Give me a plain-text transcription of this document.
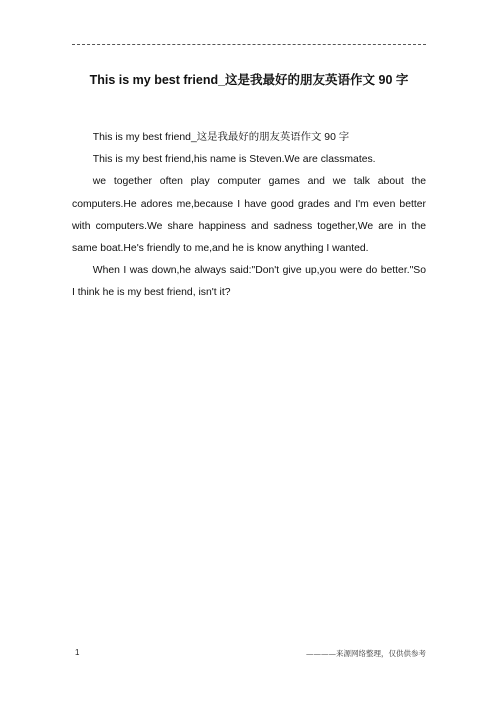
This is my best friend_这是我最好的朋友英语作文 90 字

This is my best friend_这是我最好的朋友英语作文 90 字

This is my best friend,his name is Steven.We are classmates.

we together often play computer games and we talk about the computers.He adores me,because I have good grades and I'm even better with computers.We share happiness and sadness together,We are in the same boat.He's friendly to me,and he is know anything I wanted.

When I was down,he always said:"Don't give up,you were do better."So I think he is my best friend, isn't it?

1	————来源网络整理，仅供供参考
